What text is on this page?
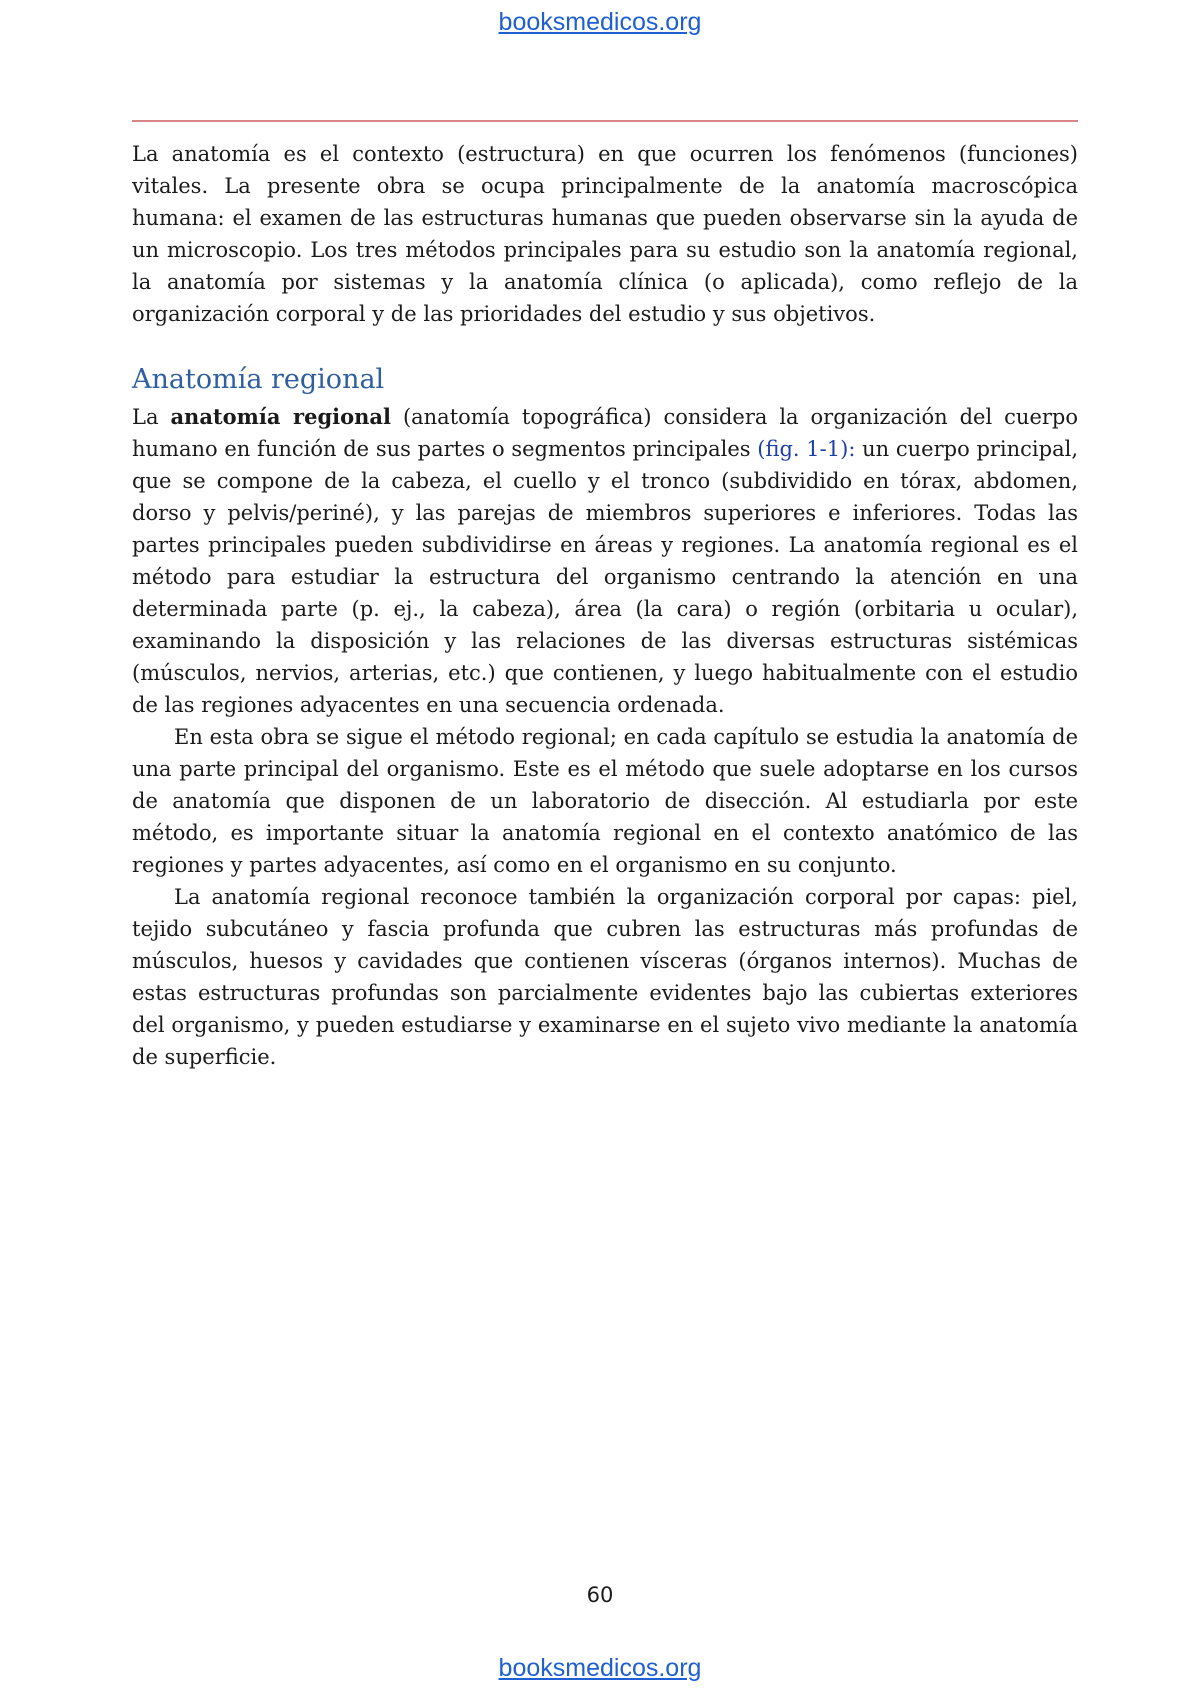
booksmedicos.org

La anatomía es el contexto (estructura) en que ocurren los fenómenos (funciones) vitales. La presente obra se ocupa principalmente de la anatomía macroscópica humana: el examen de las estructuras humanas que pueden observarse sin la ayuda de un microscopio. Los tres métodos principales para su estudio son la anatomía regional, la anatomía por sistemas y la anatomía clínica (o aplicada), como reflejo de la organización corporal y de las prioridades del estudio y sus objetivos.

Anatomía regional

La anatomía regional (anatomía topográfica) considera la organización del cuerpo humano en función de sus partes o segmentos principales (fig. 1-1): un cuerpo principal, que se compone de la cabeza, el cuello y el tronco (subdividido en tórax, abdomen, dorso y pelvis/periné), y las parejas de miembros superiores e inferiores. Todas las partes principales pueden subdividirse en áreas y regiones. La anatomía regional es el método para estudiar la estructura del organismo centrando la atención en una determinada parte (p. ej., la cabeza), área (la cara) o región (orbitaria u ocular), examinando la disposición y las relaciones de las diversas estructuras sistémicas (músculos, nervios, arterias, etc.) que contienen, y luego habitualmente con el estudio de las regiones adyacentes en una secuencia ordenada.

En esta obra se sigue el método regional; en cada capítulo se estudia la anatomía de una parte principal del organismo. Este es el método que suele adoptarse en los cursos de anatomía que disponen de un laboratorio de disección. Al estudiarla por este método, es importante situar la anatomía regional en el contexto anatómico de las regiones y partes adyacentes, así como en el organismo en su conjunto.

La anatomía regional reconoce también la organización corporal por capas: piel, tejido subcutáneo y fascia profunda que cubren las estructuras más profundas de músculos, huesos y cavidades que contienen vísceras (órganos internos). Muchas de estas estructuras profundas son parcialmente evidentes bajo las cubiertas exteriores del organismo, y pueden estudiarse y examinarse en el sujeto vivo mediante la anatomía de superficie.

60
booksmedicos.org
